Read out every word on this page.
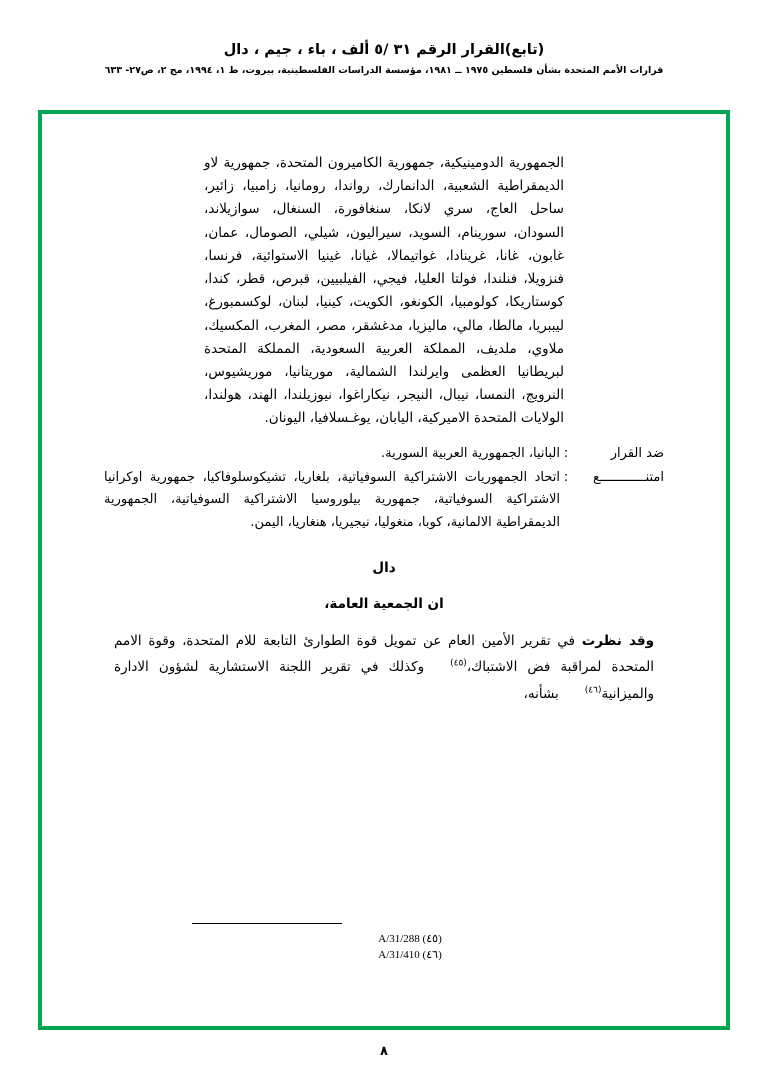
(تابع)القرار الرقم ٣١ /٥ ألف ، باء ، جيم ، دال
قرارات الأمم المتحدة بشأن فلسطين ١٩٧٥ ــ ١٩٨١، مؤسسة الدراسات الفلسطينية، بيروت، ط ١، ١٩٩٤، مج ٢، ص٢٧- ٦٣٣
الجمهورية الدومينيكية، جمهورية الكاميرون المتحدة، جمهورية لاو الديمقراطية الشعبية، الدانمارك، رواندا، رومانيا، زامبيا، زائير، ساحل العاج، سري لانكا، سنغافورة، السنغال، سوازيلاند، السودان، سورينام، السويد، سيراليون، شيلي، الصومال، عمان، غابون، غانا، غرينادا، غواتيمالا، غيانا، غينيا الاستوائية، فرنسا، فنزويلا، فنلندا، فولتا العليا، فيجي، الفيلبيين، قبرص، قطر، كندا، كوستاريكا، كولومبيا، الكونغو، الكويت، كينيا، لبنان، لوكسمبورغ، ليببريا، مالطا، مالي، ماليزيا، مدغشقر، مصر، المغرب، المكسيك، ملاوي، ملديف، المملكة العربية السعودية، المملكة المتحدة لبريطانيا العظمى وايرلندا الشمالية، موريتانيا، موريشيوس، النرويج، النمسا، نيبال، النيجر، نيكاراغوا، نيوزيلندا، الهند، هولندا، الولايات المتحدة الاميركية، اليابان، يوغـسلافيا، اليونان.
ضد القرار
:
البانيا، الجمهورية العربية السورية.
امتنــــــــــــع
:
اتحاد الجمهوريات الاشتراكية السوفياتية، بلغاريا، تشيكوسلوفاكيا، جمهورية اوكرانيا الاشتراكية السوفياتية، جمهورية بيلوروسيا الاشتراكية السوفياتية، الجمهورية الديمقراطية الالمانية، كوبا، منغوليا، نيجيريا، هنغاريا، اليمن.
دال
ان الجمعية العامة،
وقد نظرت في تقرير الأمين العام عن تمويل قوة الطوارئ التابعة للام المتحدة، وقوة الامم المتحدة لمراقبة فض الاشتباك،$^{(٤٥)}$وكذلك في تقرير اللجنة الاستشارية لشؤون الادارة والميزانية$^{(٤٦)}$بشأنه،
A/31/288 (٤٥)
A/31/410 (٤٦)
٨
